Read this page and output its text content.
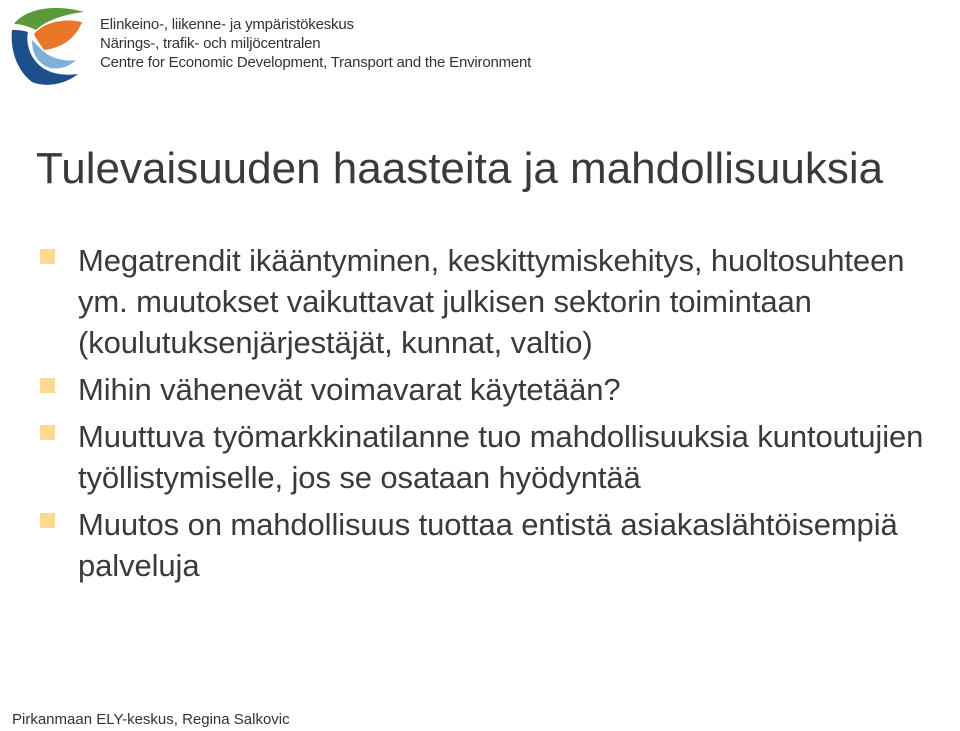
Elinkeino-, liikenne- ja ympäristökeskus
Närings-, trafik- och miljöcentralen
Centre for Economic Development, Transport and the Environment
Tulevaisuuden haasteita ja mahdollisuuksia
Megatrendit ikääntyminen, keskittymiskehitys, huoltosuhteen ym. muutokset vaikuttavat julkisen sektorin toimintaan (koulutuksenjärjestäjät, kunnat, valtio)
Mihin vähenevät voimavarat käytetään?
Muuttuva työmarkkinatilanne tuo mahdollisuuksia kuntoutujien työllistymiselle, jos se osataan hyödyntää
Muutos on mahdollisuus tuottaa entistä asiakaslähtöisempiä palveluja
Pirkanmaan ELY-keskus, Regina Salkovic
